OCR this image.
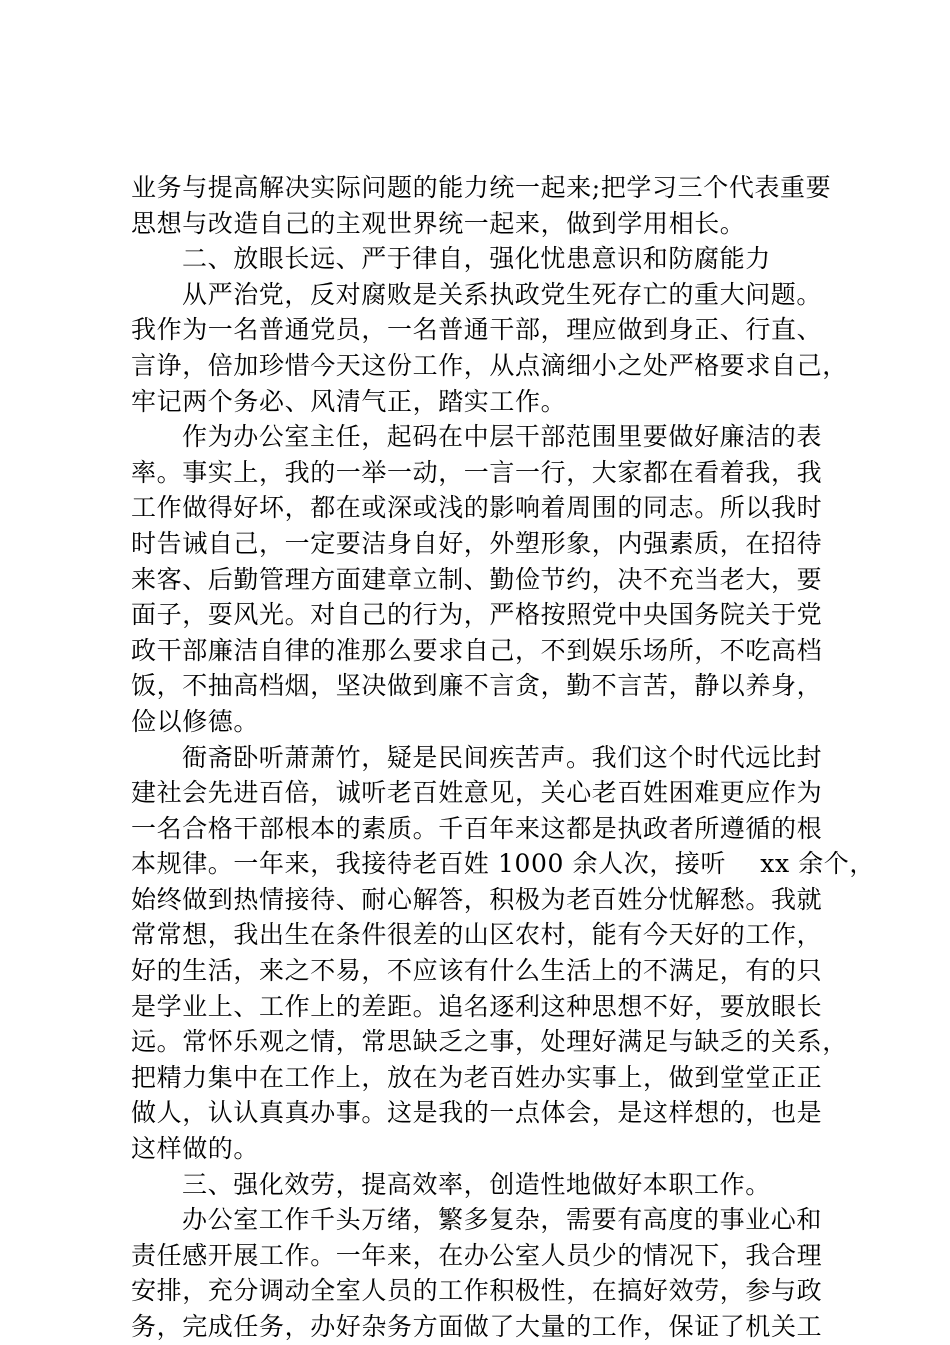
业务与提高解决实际问题的能力统一起来;把学习三个代表重要
思想与改造自己的主观世界统一起来，做到学用相长。
二、放眼长远、严于律自，强化忧患意识和防腐能力
从严治党，反对腐败是关系执政党生死存亡的重大问题。
我作为一名普通党员，一名普通干部，理应做到身正、行直、
言诤，倍加珍惜今天这份工作，从点滴细小之处严格要求自己，
牢记两个务必、风清气正，踏实工作。
作为办公室主任，起码在中层干部范围里要做好廉洁的表
率。事实上，我的一举一动，一言一行，大家都在看着我，我
工作做得好坏，都在或深或浅的影响着周围的同志。所以我时
时告诫自己，一定要洁身自好，外塑形象，内强素质，在招待
来客、后勤管理方面建章立制、勤俭节约，决不充当老大，要
面子，耍风光。对自己的行为，严格按照党中央国务院关于党
政干部廉洁自律的准那么要求自己，不到娱乐场所，不吃高档
饭，不抽高档烟，坚决做到廉不言贪，勤不言苦，静以养身，
俭以修德。
衙斋卧听萧萧竹，疑是民间疾苦声。我们这个时代远比封
建社会先进百倍，诚听老百姓意见，关心老百姓困难更应作为
一名合格干部根本的素质。千百年来这都是执政者所遵循的根
本规律。一年来，我接待老百姓 1000 余人次，接听　 xx 余个，
始终做到热情接待、耐心解答，积极为老百姓分忧解愁。我就
常常想，我出生在条件很差的山区农村，能有今天好的工作，
好的生活，来之不易，不应该有什么生活上的不满足，有的只
是学业上、工作上的差距。追名逐利这种思想不好，要放眼长
远。常怀乐观之情，常思缺乏之事，处理好满足与缺乏的关系，
把精力集中在工作上，放在为老百姓办实事上，做到堂堂正正
做人，认认真真办事。这是我的一点体会，是这样想的，也是
这样做的。
三、强化效劳，提高效率，创造性地做好本职工作。
办公室工作千头万绪，繁多复杂，需要有高度的事业心和
责任感开展工作。一年来，在办公室人员少的情况下，我合理
安排，充分调动全室人员的工作积极性，在搞好效劳，参与政
务，完成任务，办好杂务方面做了大量的工作，保证了机关工
